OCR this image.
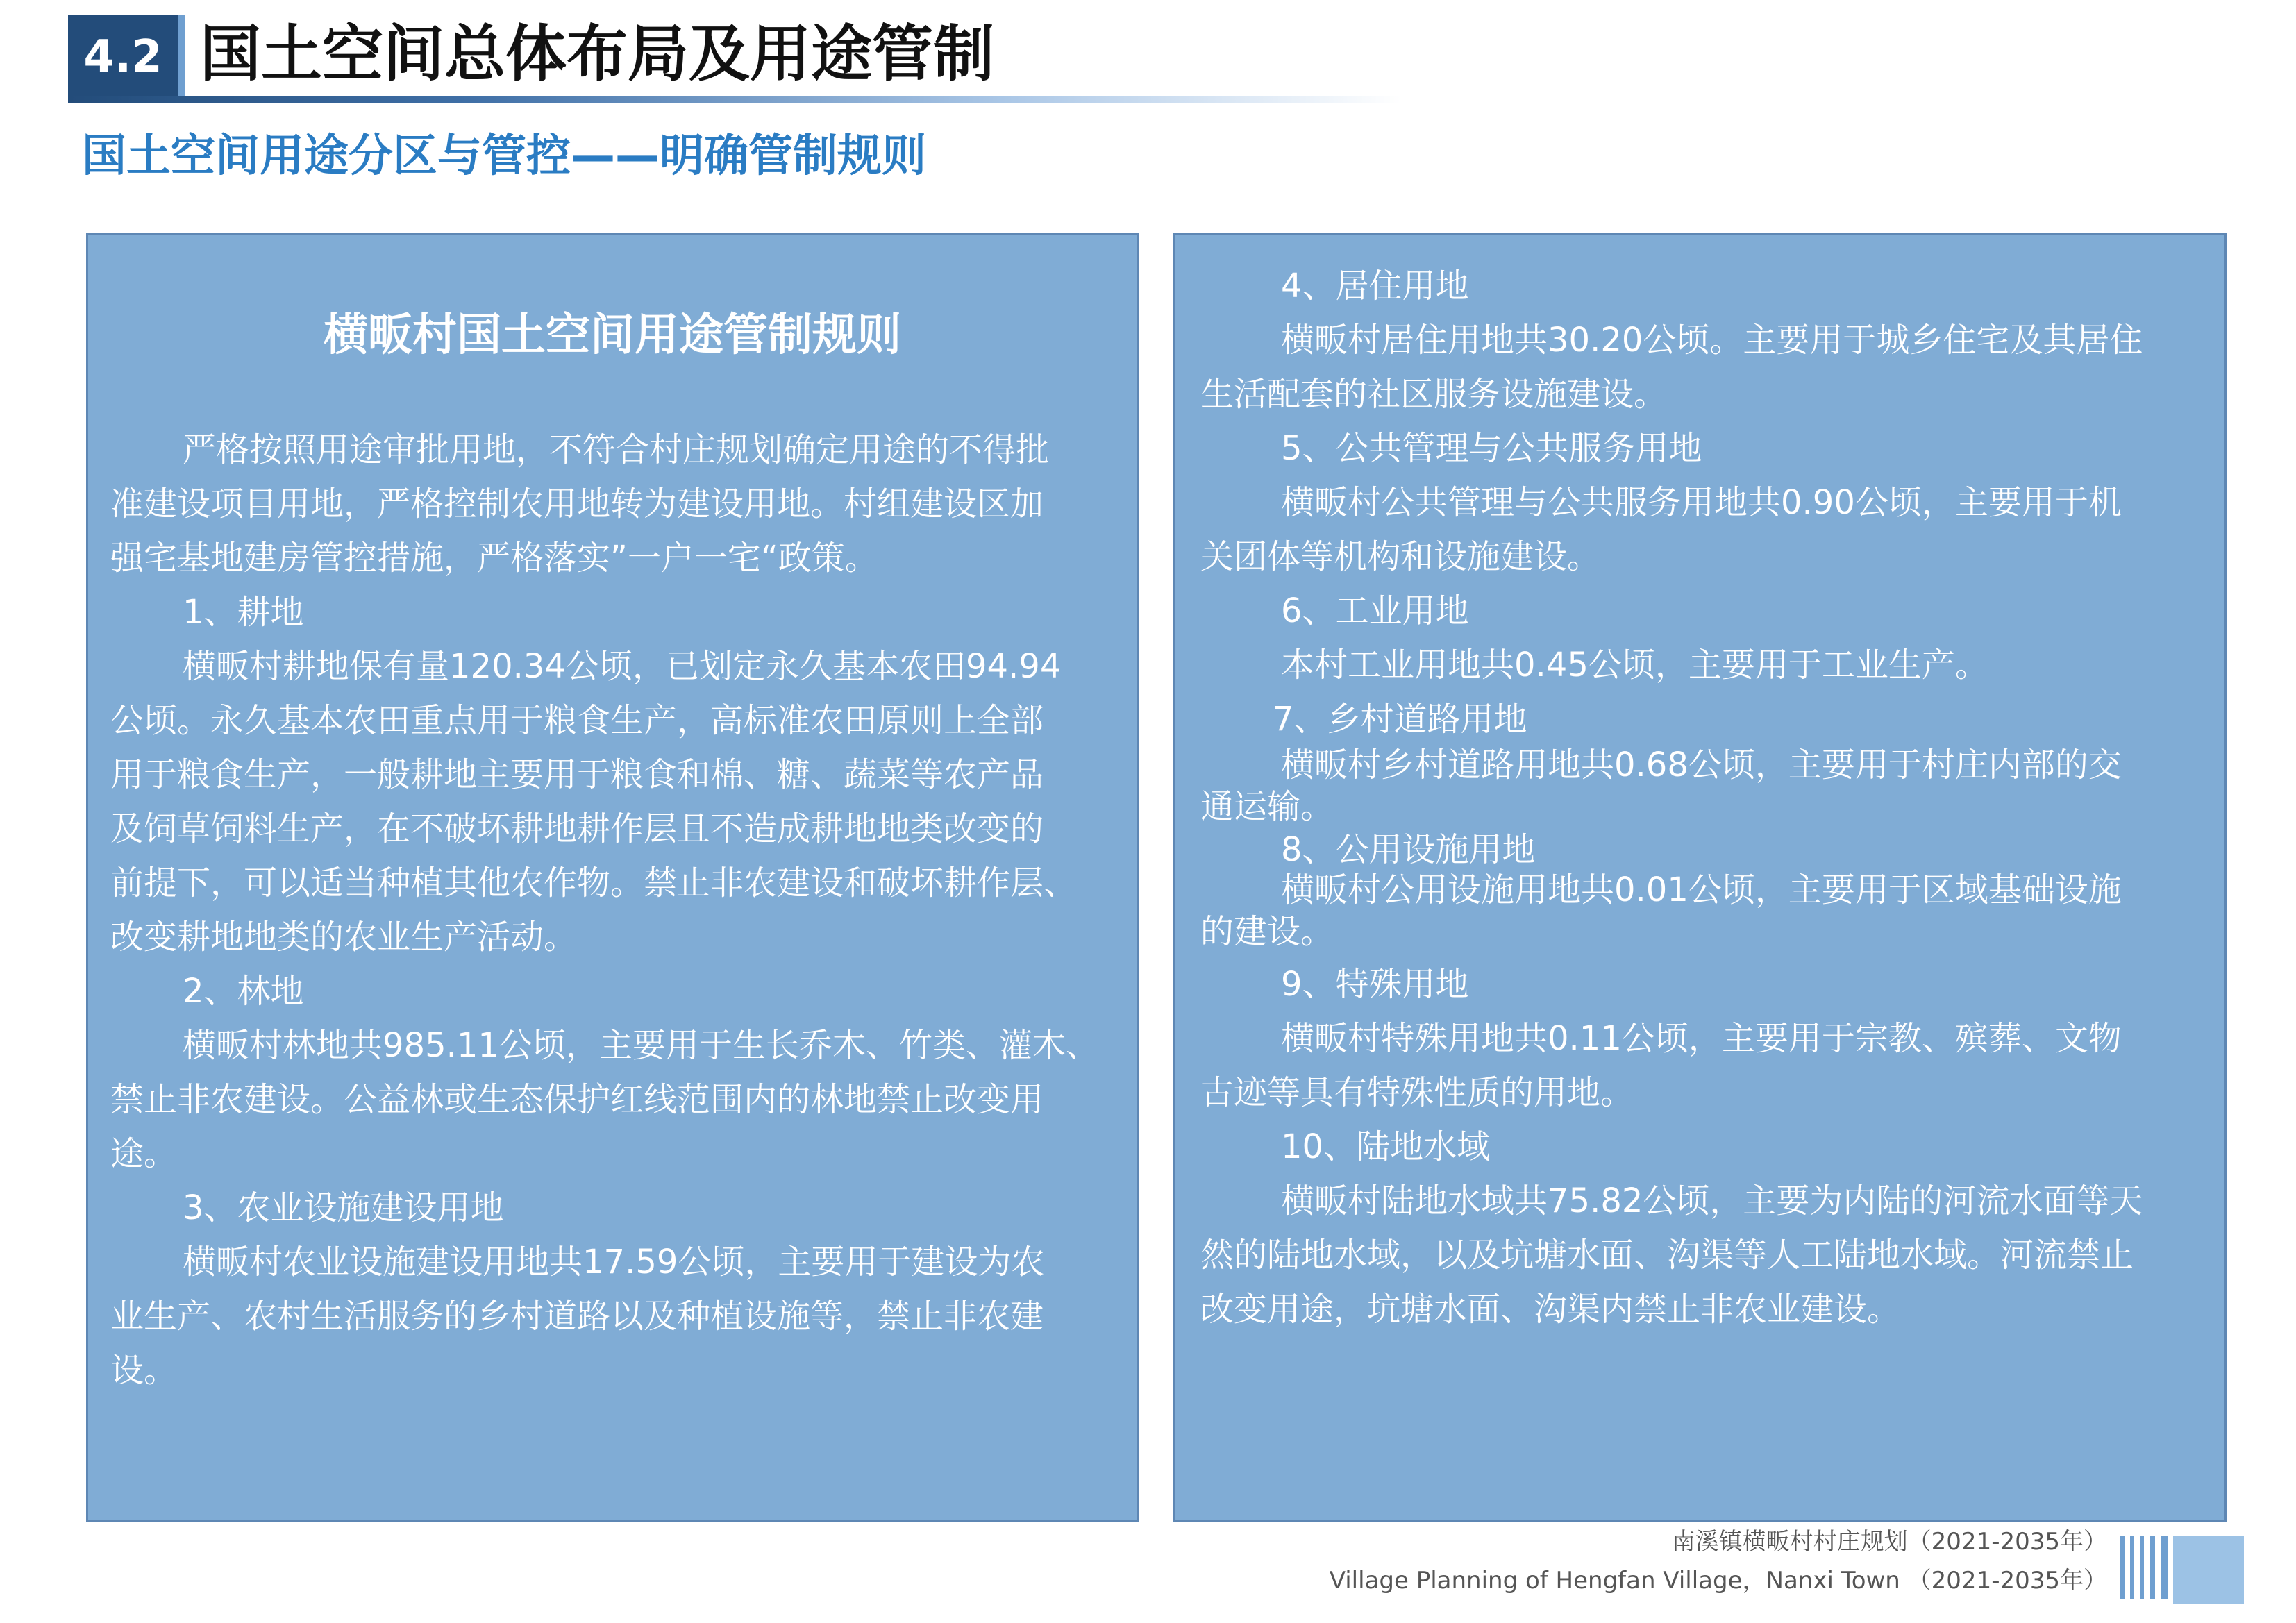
4.2 国土空间总体布局及用途管制
国土空间用途分区与管控——明确管制规则
横畈村国土空间用途管制规则
严格按照用途审批用地，不符合村庄规划确定用途的不得批
准建设项目用地，严格控制农用地转为建设用地。村组建设区加
强宅基地建房管控措施，严格落实”一户一宅“政策。
1、耕地
横畈村耕地保有量120.34公顷，已划定永久基本农田94.94
公顷。永久基本农田重点用于粮食生产，高标准农田原则上全部
用于粮食生产，一般耕地主要用于粮食和棉、糖、蔬菜等农产品
及饲草饲料生产，在不破坏耕地耕作层且不造成耕地地类改变的
前提下，可以适当种植其他农作物。禁止非农建设和破坏耕作层、
改变耕地地类的农业生产活动。
2、林地
横畈村林地共985.11公顷，主要用于生长乔木、竹类、灌木、
禁止非农建设。公益林或生态保护红线范围内的林地禁止改变用
途。
3、农业设施建设用地
横畈村农业设施建设用地共17.59公顷，主要用于建设为农
业生产、农村生活服务的乡村道路以及种植设施等，禁止非农建
设。
4、居住用地
横畈村居住用地共30.20公顷。主要用于城乡住宅及其居住
生活配套的社区服务设施建设。
5、公共管理与公共服务用地
横畈村公共管理与公共服务用地共0.90公顷，主要用于机
关团体等机构和设施建设。
6、工业用地
本村工业用地共0.45公顷，主要用于工业生产。
7、乡村道路用地
横畈村乡村道路用地共0.68公顷，主要用于村庄内部的交
通运输。
8、公用设施用地
横畈村公用设施用地共0.01公顷，主要用于区域基础设施
的建设。
9、特殊用地
横畈村特殊用地共0.11公顷，主要用于宗教、殡葬、文物
古迹等具有特殊性质的用地。
10、陆地水域
横畈村陆地水域共75.82公顷，主要为内陆的河流水面等天
然的陆地水域，以及坑塘水面、沟渠等人工陆地水域。河流禁止
改变用途，坑塘水面、沟渠内禁止非农业建设。
南溪镇横畈村村庄规划（2021-2035年）
Village Planning of Hengfan Village，Nanxi Town （2021-2035年）
